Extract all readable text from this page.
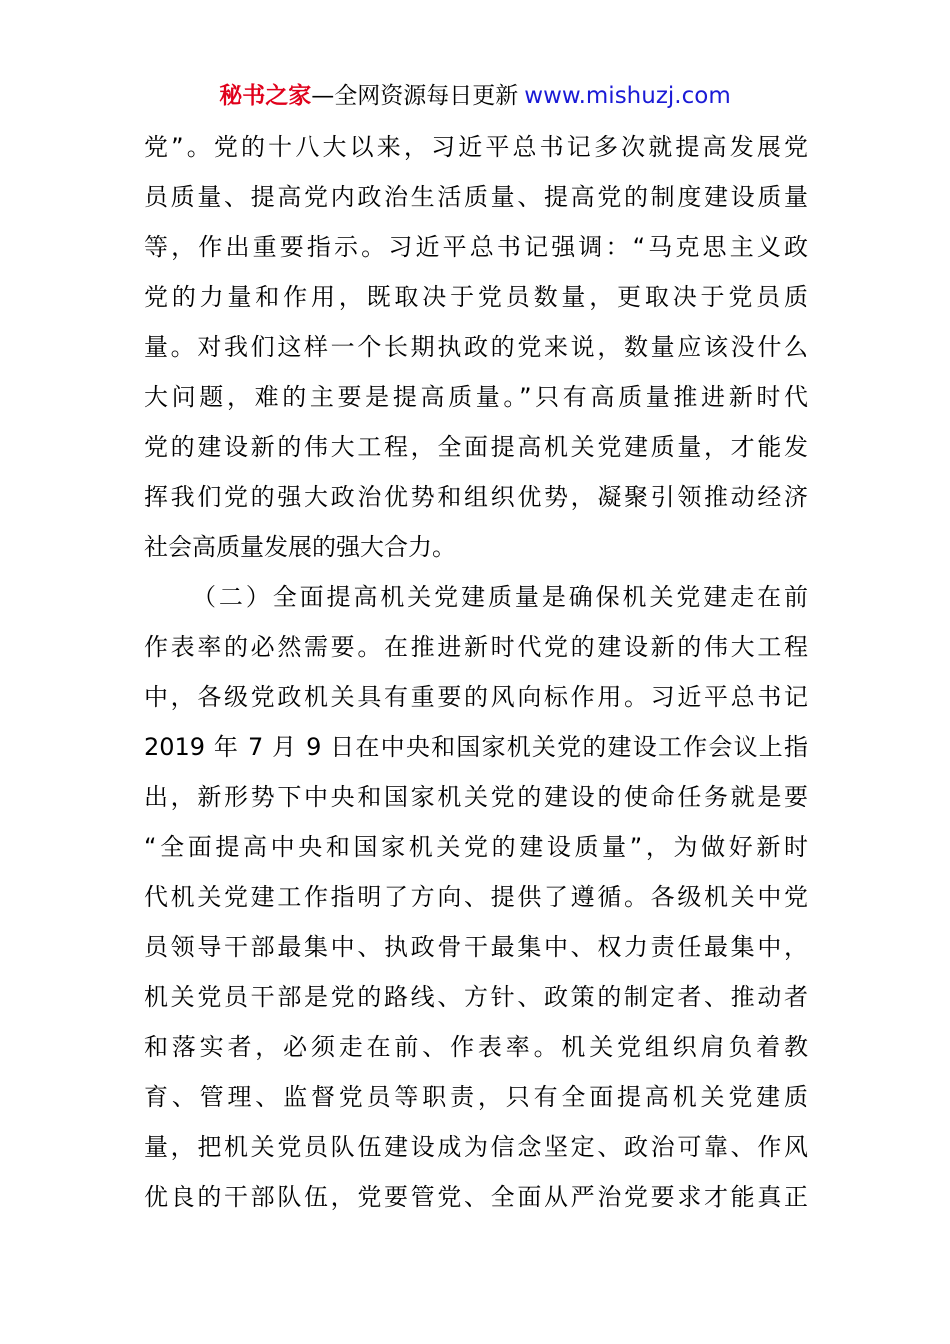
秘书之家—全网资源每日更新 www.mishuzj.com
党”。党的十八大以来，习近平总书记多次就提高发展党
员质量、提高党内政治生活质量、提高党的制度建设质量
等，作出重要指示。习近平总书记强调：“马克思主义政
党的力量和作用，既取决于党员数量，更取决于党员质
量。对我们这样一个长期执政的党来说，数量应该没什么
大问题，难的主要是提高质量。”只有高质量推进新时代
党的建设新的伟大工程，全面提高机关党建质量，才能发
挥我们党的强大政治优势和组织优势，凝聚引领推动经济
社会高质量发展的强大合力。
（二）全面提高机关党建质量是确保机关党建走在前
作表率的必然需要。在推进新时代党的建设新的伟大工程
中，各级党政机关具有重要的风向标作用。习近平总书记
2019 年 7 月 9 日在中央和国家机关党的建设工作会议上指
出，新形势下中央和国家机关党的建设的使命任务就是要
“全面提高中央和国家机关党的建设质量”，为做好新时
代机关党建工作指明了方向、提供了遵循。各级机关中党
员领导干部最集中、执政骨干最集中、权力责任最集中，
机关党员干部是党的路线、方针、政策的制定者、推动者
和落实者，必须走在前、作表率。机关党组织肩负着教
育、管理、监督党员等职责，只有全面提高机关党建质
量，把机关党员队伍建设成为信念坚定、政治可靠、作风
优良的干部队伍，党要管党、全面从严治党要求才能真正
